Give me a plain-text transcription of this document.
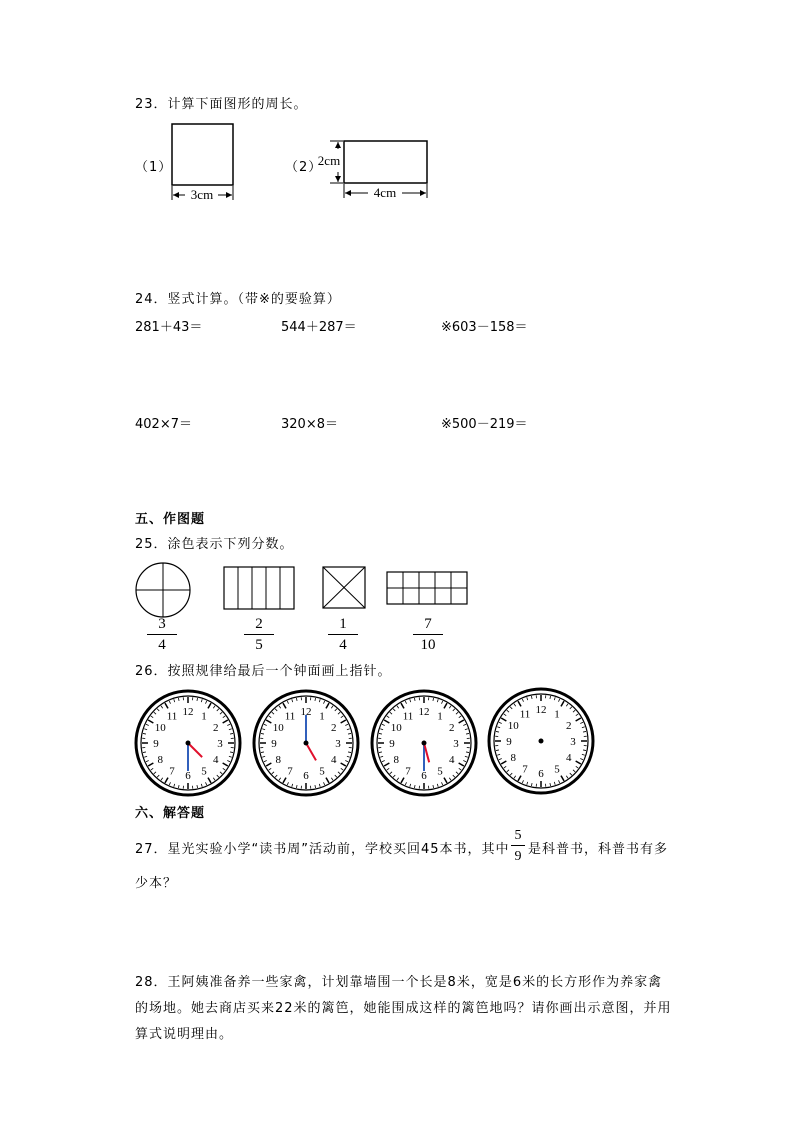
23．计算下面图形的周长。
（1）
3cm
（2）
2cm
4cm
24．竖式计算。（带※的要验算）
281＋43＝	544＋287＝	※603－158＝
402×7＝	320×8＝	※500－219＝
五、作图题
25．涂色表示下列分数。
3
4
2
5
1
4
7
10
26．按照规律给最后一个钟面画上指针。
12 1
2
3
4
5
6
7
8
9
10
11	12 1
2
3
4
5
6
7
8
9
10
11	12 1
2
3
4
5
6
7
8
9
10
11
12 1
2
3
4
5
6
7
8
9
10
11
六、解答题
27．星光实验小学“读书周”活动前，学校买回45本书，其中
5
9 是科普书，科普书有多
少本？
28．王阿姨准备养一些家禽，计划靠墙围一个长是8米，宽是6米的长方形作为养家禽
的场地。她去商店买来22米的篱笆，她能围成这样的篱笆地吗？请你画出示意图，并用
算式说明理由。
